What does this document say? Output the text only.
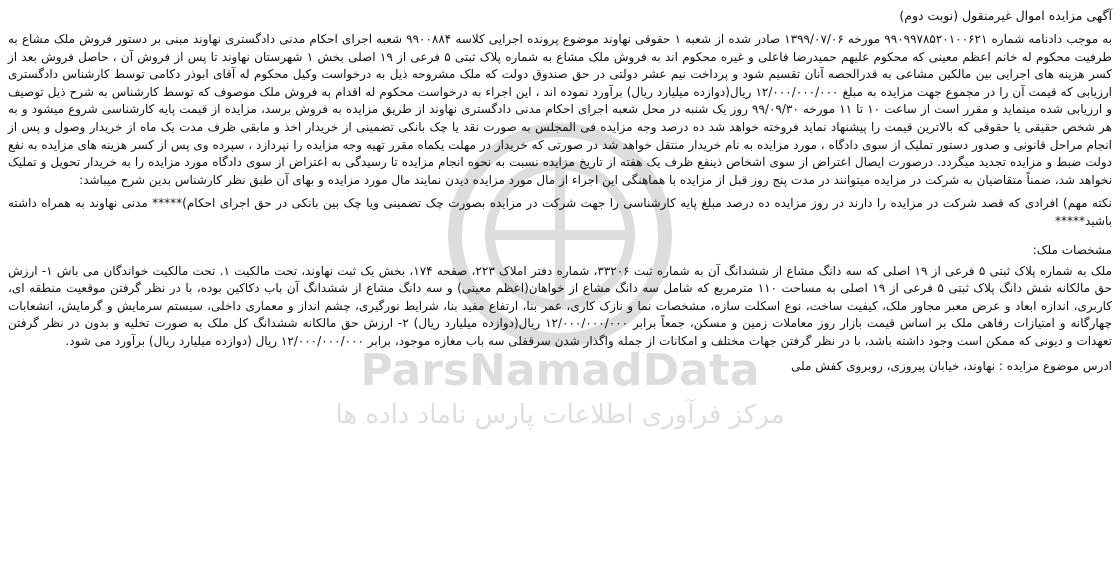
ParsNamadData
مرکز فرآوری اطلاعات پارس ناماد داده ها
آگهی مزایده اموال غیرمنقول (نوبت دوم)
به موجب دادنامه شماره ۹۹۰۹۹۷۸۵۲۰۱۰۰۶۲۱ مورخه ۱۳۹۹/۰۷/۰۶ صادر شده از شعبه ۱ حقوقی نهاوند موضوع پرونده اجرایی کلاسه ۹۹۰۰۸۸۴ شعبه اجرای احکام مدنی دادگستری نهاوند مبنی بر دستور فروش ملک مشاع به طرفیت محکوم له خانم اعظم معینی که محکوم علیهم حمیدرضا فاعلی و غیره محکوم اند به فروش ملک مشاع به شماره پلاک ثبتی ۵ فرعی از ۱۹ اصلی بخش ۱ شهرستان نهاوند تا پس از فروش آن ، حاصل فروش بعد از کسر هزینه های اجرایی بین مالکین مشاعی به قدرالحصه آنان تقسیم شود و پرداخت نیم عشر دولتی در حق صندوق دولت که ملک مشروحه ذیل به درخواست وکیل محکوم له آقای ابوذر دکامی توسط کارشناس دادگستری ارزیابی که قیمت آن را در مجموع جهت مزایده به مبلغ ۱۲/۰۰۰/۰۰۰/۰۰۰ ریال(دوازده میلیارد ریال) برآورد نموده اند ، این اجراء به درخواست محکوم له اقدام به فروش ملک موصوف که توسط کارشناس به شرح ذیل توصیف و ارزیابی شده مینماید و مقرر است از ساعت ۱۰ تا ۱۱ مورخه ۹۹/۰۹/۳۰ روز یک شنبه در محل شعبه اجرای احکام مدنی دادگستری نهاوند از طریق مزایده به فروش برسد، مزایده از قیمت پایه کارشناسی شروع میشود و به هر شخص حقیقی یا حقوقی که بالاترین قیمت را پیشنهاد نماید فروخته خواهد شد ده درصد وجه مزایده فی المجلس به صورت نقد یا چک بانکی تضمینی از خریدار اخذ و مابقی ظرف مدت یک ماه از خریدار وصول و پس از انجام مراحل قانونی و صدور دستور تملیک از سوی دادگاه ، مورد مزایده به نام خریدار منتقل خواهد شد در صورتی که خریدار در مهلت یکماه مقرر تهیه وجه مزایده را نپردازد ، سپرده وی پس از کسر هزینه های مزایده به نفع دولت ضبط و مزایده تجدید میگردد. درصورت ایصال اعتراض از سوی اشخاص ذینفع ظرف یک هفته از تاریخ مزایده نسبت به نحوه انجام مزایده تا رسیدگی به اعتراض از سوی دادگاه مورد مزایده را به خریدار تحویل و تملیک نخواهد شد، ضمناً متقاضیان به شرکت در مزایده میتوانند در مدت پنج روز قبل از مزایده با هماهنگی این اجراء از مال مورد مزایده دیدن نمایند مال مورد مزایده و بهای آن طبق نظر کارشناس بدین شرح میباشد:
نکته مهم) افرادی که قصد شرکت در مزایده را دارند در روز مزایده ده درصد مبلغ پایه کارشناسی را جهت شرکت در مزایده بصورت چک تضمینی ویا چک بین بانکی در حق اجرای احکام)***** مدنی نهاوند به همراه داشته باشید*****
مشخصات ملک:
ملک به شماره پلاک ثبتی ۵ فرعی از ۱۹ اصلی که سه دانگ مشاع از ششدانگ آن به شماره ثبت ۳۳۲۰۶، شماره دفتر املاک ۲۲۳، صفحه ۱۷۴، بخش یک ثبت نهاوند، تحت مالکیت ۱. تحت مالکیت خواندگان می باش ۱- ارزش حق مالکانه شش دانگ پلاک ثبتی ۵ فرعی از ۱۹ اصلی به مساحت ۱۱۰ مترمربع که شامل سه دانگ مشاع از خواهان(اعظم معینی) و سه دانگ مشاع از ششدانگ آن باب دکاکین بوده، با در نظر گرفتن موقعیت منطقه ای، کاربری، اندازه ابعاد و عرض معبر مجاور ملک، کیفیت ساخت، نوع اسکلت سازه، مشخصات نما و نازک کاری، عمر بنا، ارتفاع مفید بنا، شرایط نورگیری، چشم انداز و معماری داخلی، سیستم سرمایش و گرمایش، انشعابات چهارگانه و امتیازات رفاهی ملک بر اساس قیمت بازار روز معاملات زمین و مسکن، جمعاً برابر ۱۲/۰۰۰/۰۰۰/۰۰۰ ریال(دوازده میلیارد ریال) ۲- ارزش حق مالکانه ششدانگ کل ملک به صورت تخلیه و بدون در نظر گرفتن تعهدات و دیونی که ممکن است وجود داشته باشد، با در نظر گرفتن جهات مختلف و امکانات از جمله واگذار شدن سرقفلی سه باب مغازه موجود، برابر ۱۲/۰۰۰/۰۰۰/۰۰۰ ریال (دوازده میلیارد ریال) برآورد می شود.
ادرس موضوع مزایده : نهاوند، خیابان پیروزی، روبروی کفش ملی
